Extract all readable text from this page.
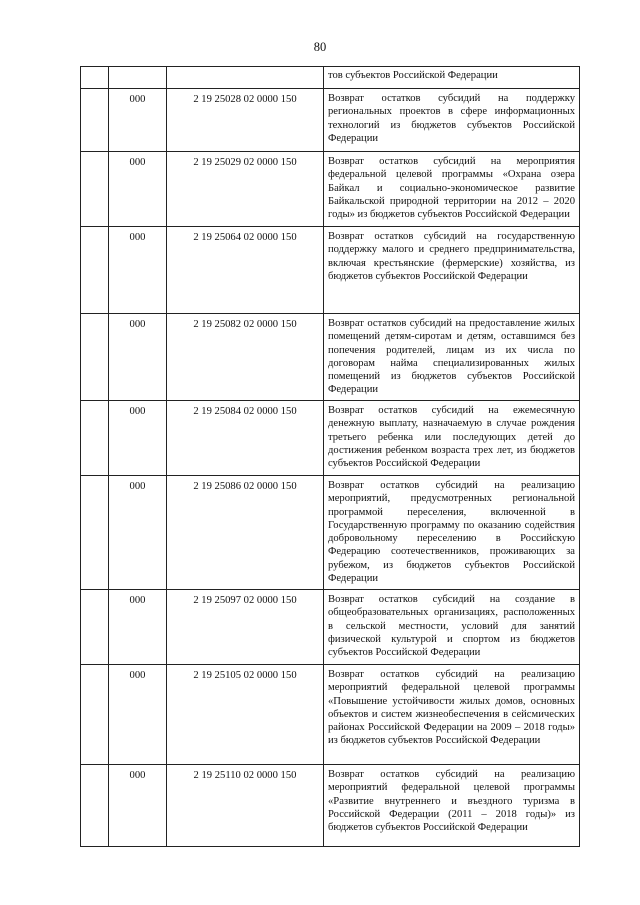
80
			тов субъектов Российской Федерации
	000	2 19 25028 02 0000 150	Возврат остатков субсидий на поддержку региональных проектов в сфере информационных технологий из бюджетов субъектов Российской Федерации
	000	2 19 25029 02 0000 150	Возврат остатков субсидий на мероприятия федеральной целевой программы «Охрана озера Байкал и социально-экономическое развитие Байкальской природной территории на 2012 – 2020 годы» из бюджетов субъектов Российской Федерации
	000	2 19 25064 02 0000 150	Возврат остатков субсидий на государственную поддержку малого и среднего предпринимательства, включая крестьянские (фермерские) хозяйства, из бюджетов субъектов Российской Федерации
	000	2 19 25082 02 0000 150	Возврат остатков субсидий на предоставление жилых помещений детям-сиротам и детям, оставшимся без попечения родителей, лицам из их числа по договорам найма специализированных жилых помещений из бюджетов субъектов Российской Федерации
	000	2 19 25084 02 0000 150	Возврат остатков субсидий на ежемесячную денежную выплату, назначаемую в случае рождения третьего ребенка или последующих детей до достижения ребенком возраста трех лет, из бюджетов субъектов Российской Федерации
	000	2 19 25086 02 0000 150	Возврат остатков субсидий на реализацию мероприятий, предусмотренных региональной программой переселения, включенной в Государственную программу по оказанию содействия добровольному переселению в Российскую Федерацию соотечественников, проживающих за рубежом, из бюджетов субъектов Российской Федерации
	000	2 19 25097 02 0000 150	Возврат остатков субсидий на создание в общеобразовательных организациях, расположенных в сельской местности, условий для занятий физической культурой и спортом из бюджетов субъектов Российской Федерации
	000	2 19 25105 02 0000 150	Возврат остатков субсидий на реализацию мероприятий федеральной целевой программы «Повышение устойчивости жилых домов, основных объектов и систем жизнеобеспечения в сейсмических районах Российской Федерации на 2009 – 2018 годы» из бюджетов субъектов Российской Федерации
	000	2 19 25110 02 0000 150	Возврат остатков субсидий на реализацию мероприятий федеральной целевой программы «Развитие внутреннего и въездного туризма в Российской Федерации (2011 – 2018 годы)» из бюджетов субъектов Российской Федерации
